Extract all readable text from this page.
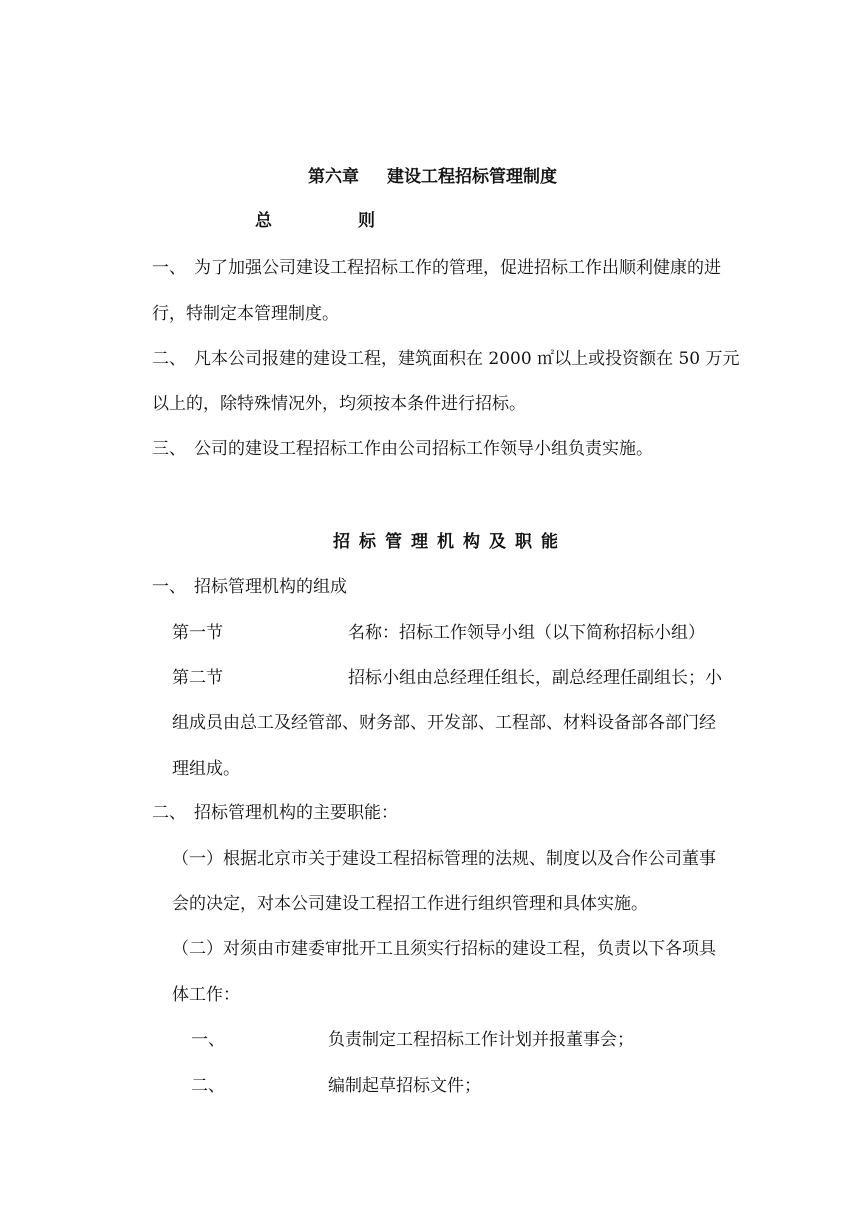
第六章 建设工程招标管理制度
总	则
一、 为了加强公司建设工程招标工作的管理，促进招标工作出顺利健康的进
行，特制定本管理制度。
二、 凡本公司报建的建设工程，建筑面积在 2000 ㎡以上或投资额在 50 万元
以上的，除特殊情况外，均须按本条件进行招标。
三、 公司的建设工程招标工作由公司招标工作领导小组负责实施。
招标管理机构及职能
一、 招标管理机构的组成
第一节	名称：招标工作领导小组（以下简称招标小组）
第二节	招标小组由总经理任组长，副总经理任副组长；小
组成员由总工及经管部、财务部、开发部、工程部、材料设备部各部门经
理组成。
二、 招标管理机构的主要职能：
（一）根据北京市关于建设工程招标管理的法规、制度以及合作公司董事
会的决定，对本公司建设工程招工作进行组织管理和具体实施。
（二）对须由市建委审批开工且须实行招标的建设工程，负责以下各项具
体工作：
一、	负责制定工程招标工作计划并报董事会；
二、	编制起草招标文件；
